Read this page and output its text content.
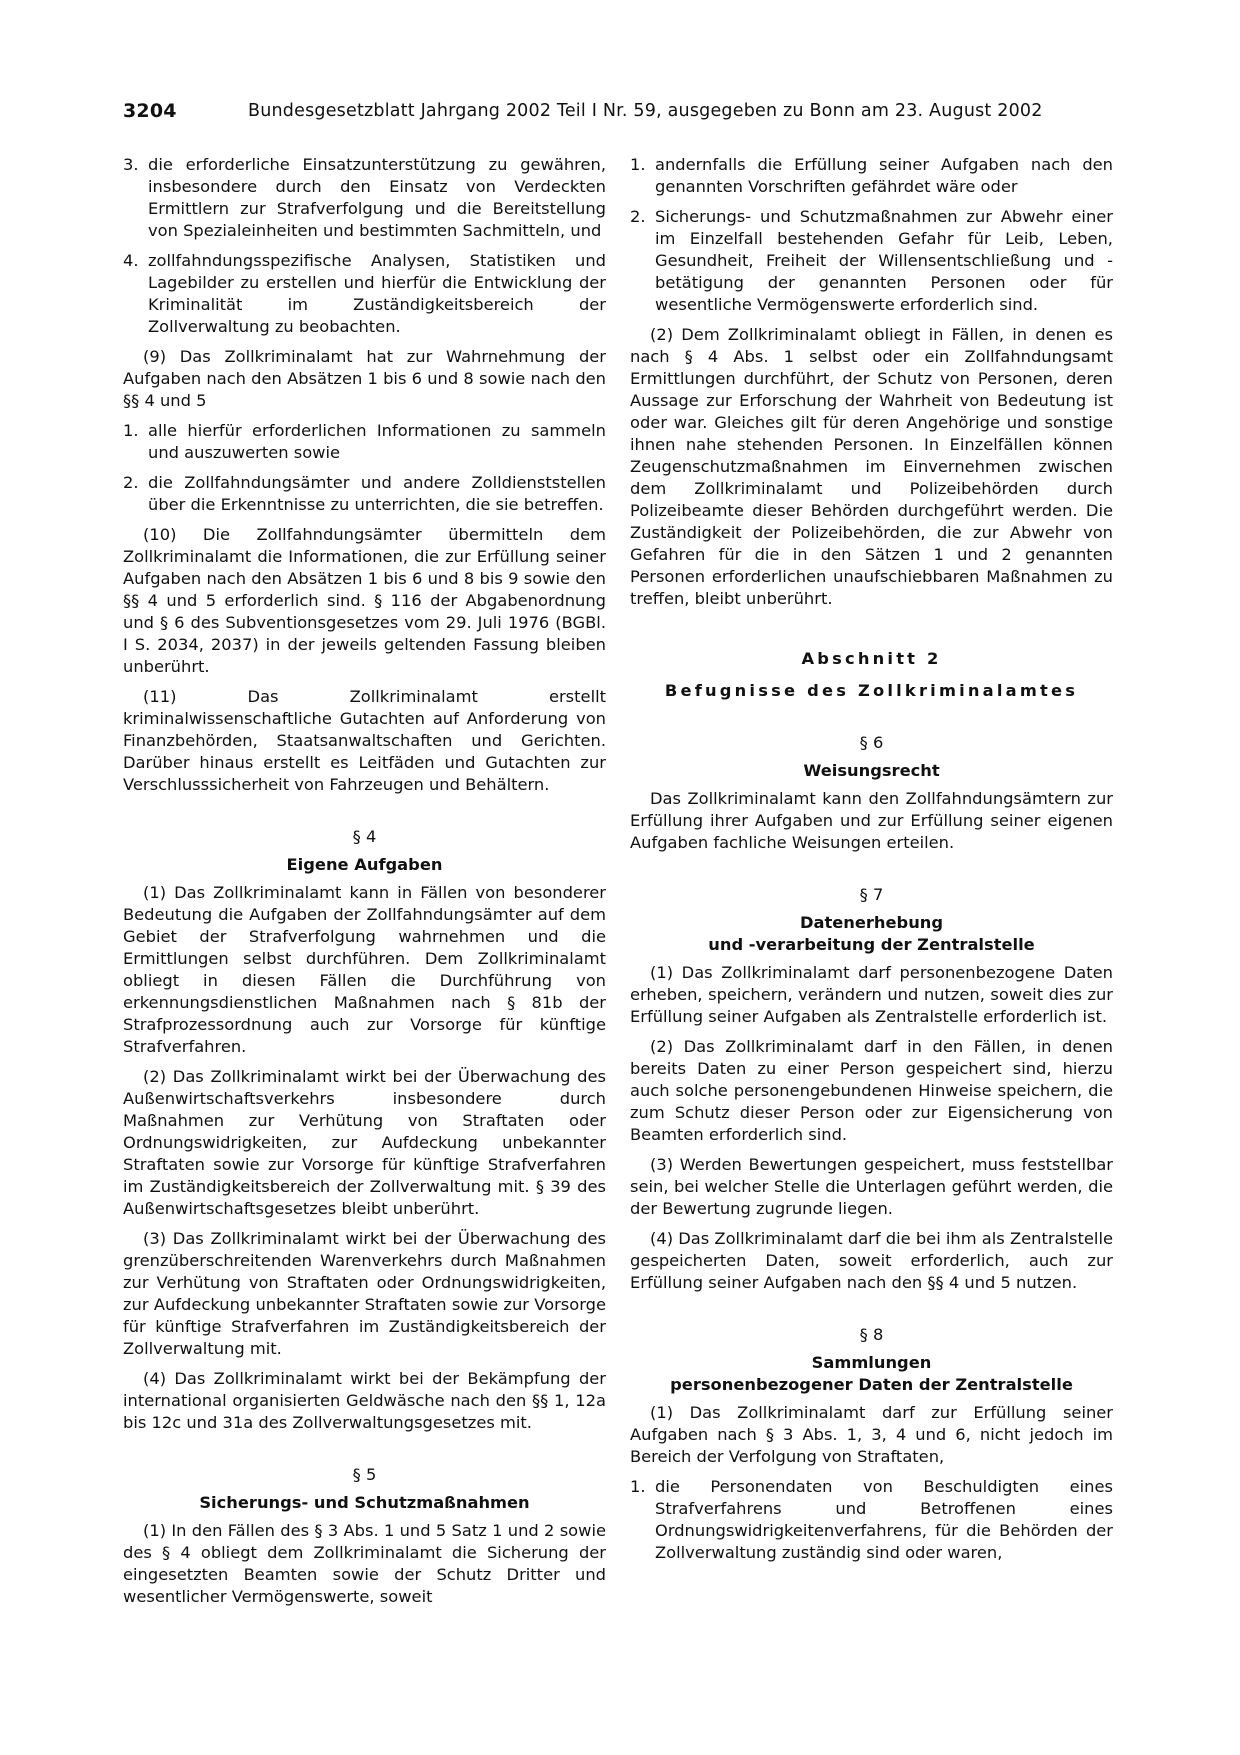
3204	Bundesgesetzblatt Jahrgang 2002 Teil I Nr. 59, ausgegeben zu Bonn am 23. August 2002
3. die erforderliche Einsatzunterstützung zu gewähren, insbesondere durch den Einsatz von Verdeckten Ermittlern zur Strafverfolgung und die Bereitstellung von Spezialeinheiten und bestimmten Sachmitteln, und
4. zollfahndungsspezifische Analysen, Statistiken und Lagebilder zu erstellen und hierfür die Entwicklung der Kriminalität im Zuständigkeitsbereich der Zollverwaltung zu beobachten.

(9) Das Zollkriminalamt hat zur Wahrnehmung der Aufgaben nach den Absätzen 1 bis 6 und 8 sowie nach den §§ 4 und 5

1. alle hierfür erforderlichen Informationen zu sammeln und auszuwerten sowie
2. die Zollfahndungsämter und andere Zolldienststellen über die Erkenntnisse zu unterrichten, die sie betreffen.

(10) Die Zollfahndungsämter übermitteln dem Zollkriminalamt die Informationen, die zur Erfüllung seiner Aufgaben nach den Absätzen 1 bis 6 und 8 bis 9 sowie den §§ 4 und 5 erforderlich sind. § 116 der Abgabenordnung und § 6 des Subventionsgesetzes vom 29. Juli 1976 (BGBl. I S. 2034, 2037) in der jeweils geltenden Fassung bleiben unberührt.

(11) Das Zollkriminalamt erstellt kriminalwissenschaftliche Gutachten auf Anforderung von Finanzbehörden, Staatsanwaltschaften und Gerichten. Darüber hinaus erstellt es Leitfäden und Gutachten zur Verschlusssicherheit von Fahrzeugen und Behältern.

§ 4
Eigene Aufgaben

(1) Das Zollkriminalamt kann in Fällen von besonderer Bedeutung die Aufgaben der Zollfahndungsämter auf dem Gebiet der Strafverfolgung wahrnehmen und die Ermittlungen selbst durchführen. Dem Zollkriminalamt obliegt in diesen Fällen die Durchführung von erkennungsdienstlichen Maßnahmen nach § 81b der Strafprozessordnung auch zur Vorsorge für künftige Strafverfahren.

(2) Das Zollkriminalamt wirkt bei der Überwachung des Außenwirtschaftsverkehrs insbesondere durch Maßnahmen zur Verhütung von Straftaten oder Ordnungswidrigkeiten, zur Aufdeckung unbekannter Straftaten sowie zur Vorsorge für künftige Strafverfahren im Zuständigkeitsbereich der Zollverwaltung mit. § 39 des Außenwirtschaftsgesetzes bleibt unberührt.

(3) Das Zollkriminalamt wirkt bei der Überwachung des grenzüberschreitenden Warenverkehrs durch Maßnahmen zur Verhütung von Straftaten oder Ordnungswidrigkeiten, zur Aufdeckung unbekannter Straftaten sowie zur Vorsorge für künftige Strafverfahren im Zuständigkeitsbereich der Zollverwaltung mit.

(4) Das Zollkriminalamt wirkt bei der Bekämpfung der international organisierten Geldwäsche nach den §§ 1, 12a bis 12c und 31a des Zollverwaltungsgesetzes mit.

§ 5
Sicherungs- und Schutzmaßnahmen

(1) In den Fällen des § 3 Abs. 1 und 5 Satz 1 und 2 sowie des § 4 obliegt dem Zollkriminalamt die Sicherung der eingesetzten Beamten sowie der Schutz Dritter und wesentlicher Vermögenswerte, soweit

1. andernfalls die Erfüllung seiner Aufgaben nach den genannten Vorschriften gefährdet wäre oder
2. Sicherungs- und Schutzmaßnahmen zur Abwehr einer im Einzelfall bestehenden Gefahr für Leib, Leben, Gesundheit, Freiheit der Willensentschließung und -betätigung der genannten Personen oder für wesentliche Vermögenswerte erforderlich sind.

(2) Dem Zollkriminalamt obliegt in Fällen, in denen es nach § 4 Abs. 1 selbst oder ein Zollfahndungsamt Ermittlungen durchführt, der Schutz von Personen, deren Aussage zur Erforschung der Wahrheit von Bedeutung ist oder war. Gleiches gilt für deren Angehörige und sonstige ihnen nahe stehenden Personen. In Einzelfällen können Zeugenschutzmaßnahmen im Einvernehmen zwischen dem Zollkriminalamt und Polizeibehörden durch Polizeibeamte dieser Behörden durchgeführt werden. Die Zuständigkeit der Polizeibehörden, die zur Abwehr von Gefahren für die in den Sätzen 1 und 2 genannten Personen erforderlichen unaufschiebbaren Maßnahmen zu treffen, bleibt unberührt.

Abschnitt 2
Befugnisse des Zollkriminalamtes
§ 6
Weisungsrecht

Das Zollkriminalamt kann den Zollfahndungsämtern zur Erfüllung ihrer Aufgaben und zur Erfüllung seiner eigenen Aufgaben fachliche Weisungen erteilen.

§ 7
Datenerhebung
und -verarbeitung der Zentralstelle

(1) Das Zollkriminalamt darf personenbezogene Daten erheben, speichern, verändern und nutzen, soweit dies zur Erfüllung seiner Aufgaben als Zentralstelle erforderlich ist.

(2) Das Zollkriminalamt darf in den Fällen, in denen bereits Daten zu einer Person gespeichert sind, hierzu auch solche personengebundenen Hinweise speichern, die zum Schutz dieser Person oder zur Eigensicherung von Beamten erforderlich sind.

(3) Werden Bewertungen gespeichert, muss feststellbar sein, bei welcher Stelle die Unterlagen geführt werden, die der Bewertung zugrunde liegen.

(4) Das Zollkriminalamt darf die bei ihm als Zentralstelle gespeicherten Daten, soweit erforderlich, auch zur Erfüllung seiner Aufgaben nach den §§ 4 und 5 nutzen.

§ 8
Sammlungen
personenbezogener Daten der Zentralstelle

(1) Das Zollkriminalamt darf zur Erfüllung seiner Aufgaben nach § 3 Abs. 1, 3, 4 und 6, nicht jedoch im Bereich der Verfolgung von Straftaten,

1. die Personendaten von Beschuldigten eines Strafverfahrens und Betroffenen eines Ordnungswidrigkeitenverfahrens, für die Behörden der Zollverwaltung zuständig sind oder waren,
